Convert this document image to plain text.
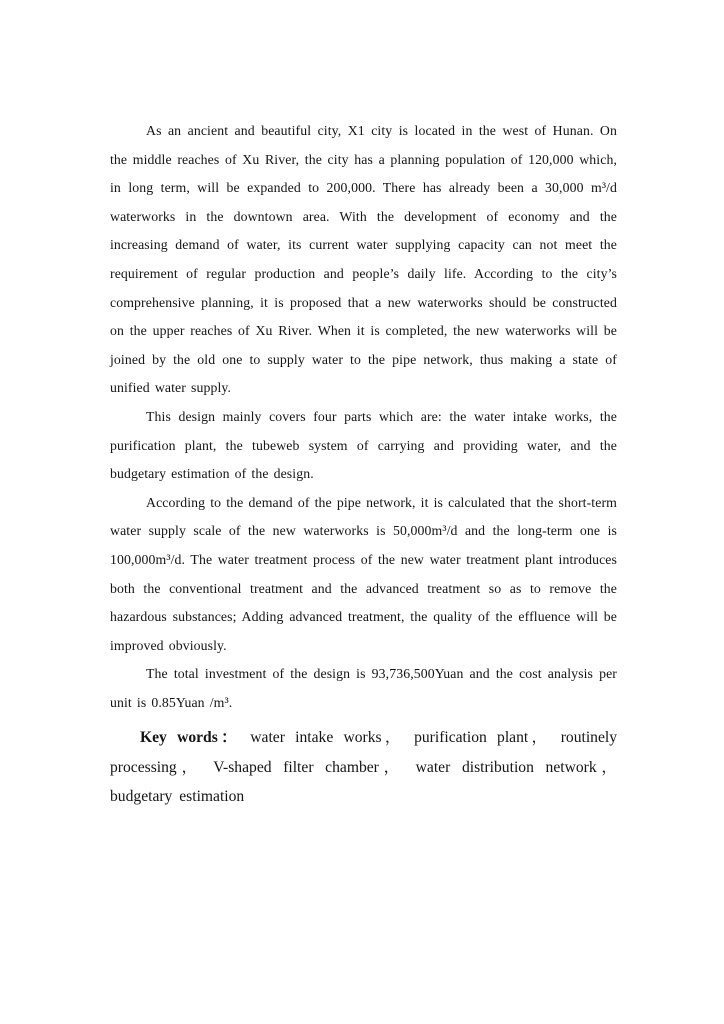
As an ancient and beautiful city, X1 city is located in the west of Hunan. On the middle reaches of Xu River, the city has a planning population of 120,000 which, in long term, will be expanded to 200,000. There has already been a 30,000 m³/d waterworks in the downtown area. With the development of economy and the increasing demand of water, its current water supplying capacity can not meet the requirement of regular production and people’s daily life. According to the city’s comprehensive planning, it is proposed that a new waterworks should be constructed on the upper reaches of Xu River. When it is completed, the new waterworks will be joined by the old one to supply water to the pipe network, thus making a state of unified water supply.

This design mainly covers four parts which are: the water intake works, the purification plant, the tubeweb system of carrying and providing water, and the budgetary estimation of the design.

According to the demand of the pipe network, it is calculated that the short-term water supply scale of the new waterworks is 50,000m³/d and the long-term one is 100,000m³/d. The water treatment process of the new water treatment plant introduces both the conventional treatment and the advanced treatment so as to remove the hazardous substances; Adding advanced treatment, the quality of the effluence will be improved obviously.

The total investment of the design is 93,736,500Yuan and the cost analysis per unit is 0.85Yuan /m³.

Key words： water intake works， purification plant， routinely processing， V-shaped filter chamber， water distribution network， budgetary estimation
